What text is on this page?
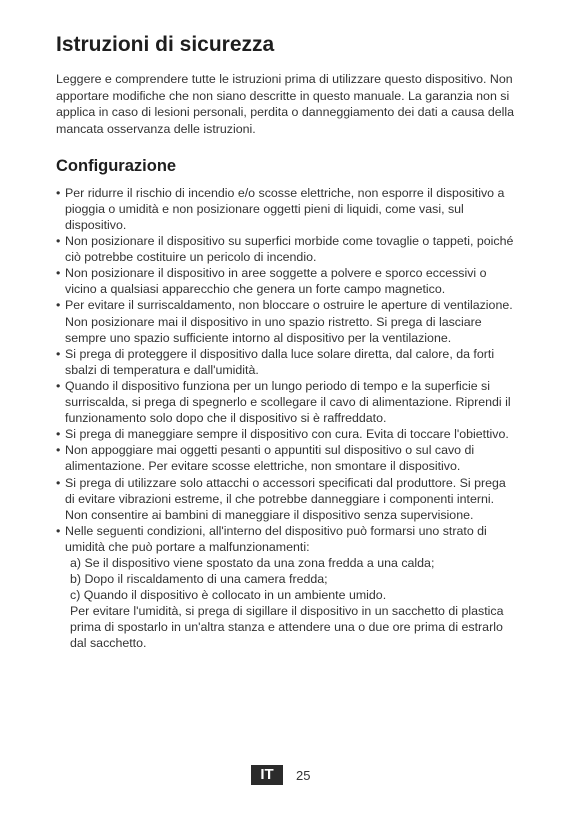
Istruzioni di sicurezza

Leggere e comprendere tutte le istruzioni prima di utilizzare questo dispositivo. Non apportare modifiche che non siano descritte in questo manuale. La garanzia non si applica in caso di lesioni personali, perdita o danneggiamento dei dati a causa della mancata osservanza delle istruzioni.

Configurazione
• Per ridurre il rischio di incendio e/o scosse elettriche, non esporre il dispositivo a pioggia o umidità e non posizionare oggetti pieni di liquidi, come vasi, sul dispositivo.
• Non posizionare il dispositivo su superfici morbide come tovaglie o tappeti, poiché ciò potrebbe costituire un pericolo di incendio.
• Non posizionare il dispositivo in aree soggette a polvere e sporco eccessivi o vicino a qualsiasi apparecchio che genera un forte campo magnetico.
• Per evitare il surriscaldamento, non bloccare o ostruire le aperture di ventilazione. Non posizionare mai il dispositivo in uno spazio ristretto. Si prega di lasciare sempre uno spazio sufficiente intorno al dispositivo per la ventilazione.
• Si prega di proteggere il dispositivo dalla luce solare diretta, dal calore, da forti sbalzi di temperatura e dall'umidità.
• Quando il dispositivo funziona per un lungo periodo di tempo e la superficie si surriscalda, si prega di spegnerlo e scollegare il cavo di alimentazione. Riprendi il funzionamento solo dopo che il dispositivo si è raffreddato.
• Si prega di maneggiare sempre il dispositivo con cura. Evita di toccare l'obiettivo.
• Non appoggiare mai oggetti pesanti o appuntiti sul dispositivo o sul cavo di alimentazione. Per evitare scosse elettriche, non smontare il dispositivo.
• Si prega di utilizzare solo attacchi o accessori specificati dal produttore. Si prega di evitare vibrazioni estreme, il che potrebbe danneggiare i componenti interni. Non consentire ai bambini di maneggiare il dispositivo senza supervisione.
• Nelle seguenti condizioni, all'interno del dispositivo può formarsi uno strato di umidità che può portare a malfunzionamenti:

a) Se il dispositivo viene spostato da una zona fredda a una calda;

b) Dopo il riscaldamento di una camera fredda;

c) Quando il dispositivo è collocato in un ambiente umido.

Per evitare l'umidità, si prega di sigillare il dispositivo in un sacchetto di plastica prima di spostarlo in un'altra stanza e attendere una o due ore prima di estrarlo dal sacchetto.

IT	25
